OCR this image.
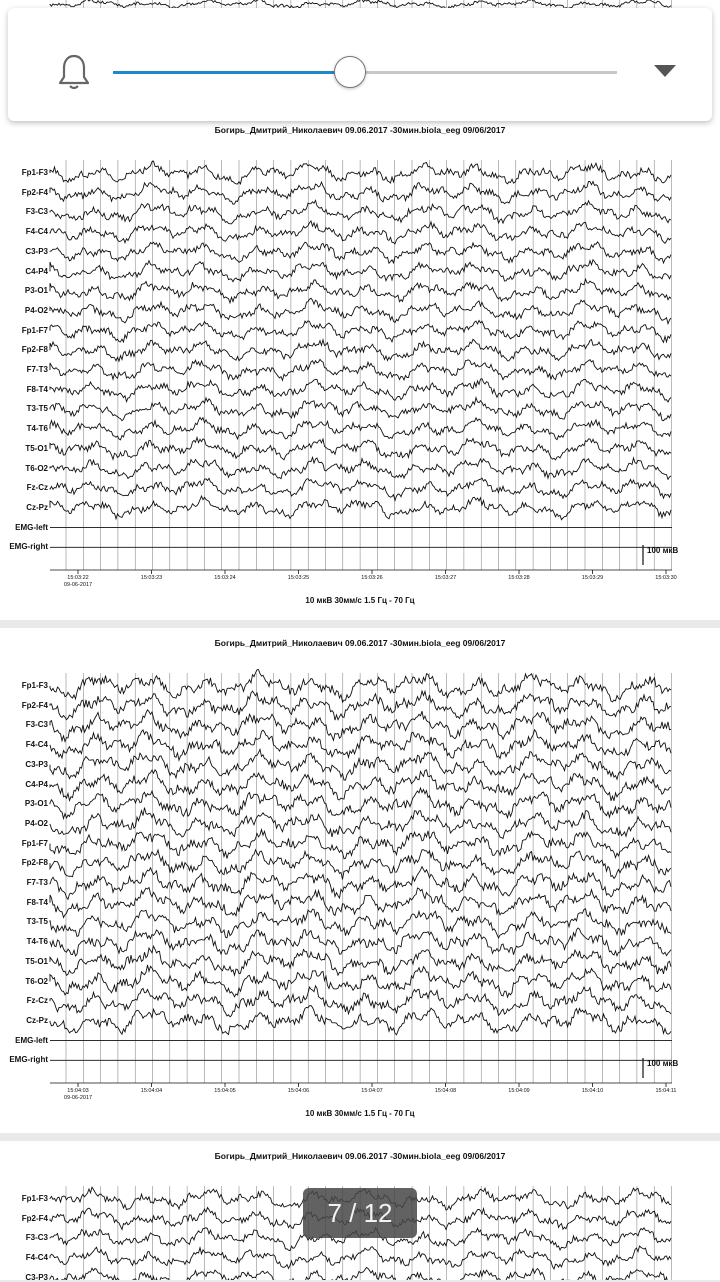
Богирь_Дмитрий_Николаевич 09.06.2017 -30мин.biola_eeg 09/06/2017
Fp1-F3
Fp2-F4
F3-C3
F4-C4
C3-P3
C4-P4
P3-O1
P4-O2
Fp1-F7
Fp2-F8
F7-T3
F8-T4
T3-T5
T4-T6
T5-O1
T6-O2
Fz-Cz
Cz-Pz
EMG-left
EMG-right	100 мкВ
15:03:22	15:03:23	15:03:24	15:03:25	15:03:26	15:03:27	15:03:28	15:03:29	15:03:30
09-06-2017
10 мкВ 30мм/с 1.5 Гц - 70 Гц
Богирь_Дмитрий_Николаевич 09.06.2017 -30мин.biola_eeg 09/06/2017
Fp1-F3
Fp2-F4
F3-C3
F4-C4
C3-P3
C4-P4
P3-O1
P4-O2
Fp1-F7
Fp2-F8
F7-T3
F8-T4
T3-T5
T4-T6
T5-O1
T6-O2
Fz-Cz
Cz-Pz
EMG-left
EMG-right	100 мкВ
15:04:03	15:04:04	15:04:05	15:04:06	15:04:07	15:04:08	15:04:09	15:04:10	15:04:11
09-06-2017
10 мкВ 30мм/с 1.5 Гц - 70 Гц
Богирь_Дмитрий_Николаевич 09.06.2017 -30мин.biola_eeg 09/06/2017
Fp1-F3
Fp2-F4
F3-C3
F4-C4
C3-P3
7 / 12
